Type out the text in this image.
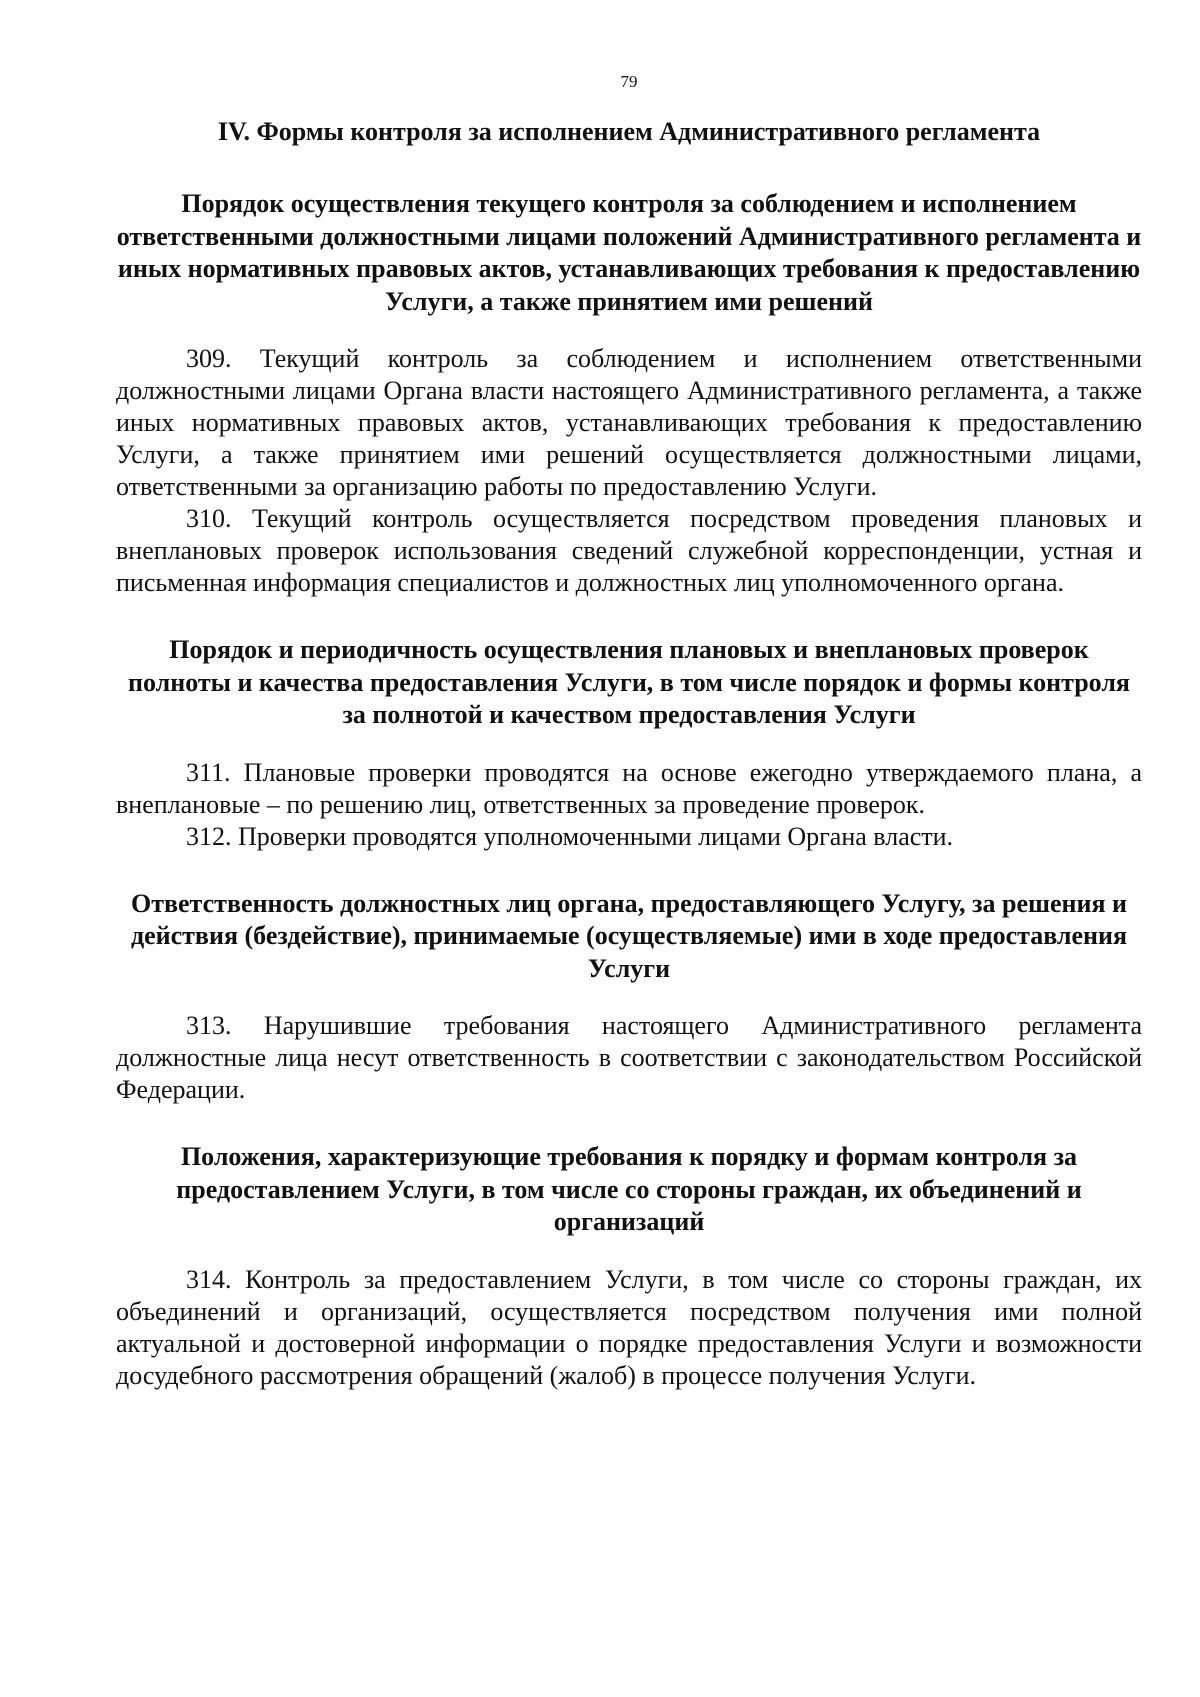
79
IV. Формы контроля за исполнением Административного регламента
Порядок осуществления текущего контроля за соблюдением и исполнением ответственными должностными лицами положений Административного регламента и иных нормативных правовых актов, устанавливающих требования к предоставлению Услуги, а также принятием ими решений

309. Текущий контроль за соблюдением и исполнением ответственными должностными лицами Органа власти настоящего Административного регламента, а также иных нормативных правовых актов, устанавливающих требования к предоставлению Услуги, а также принятием ими решений осуществляется должностными лицами, ответственными за организацию работы по предоставлению Услуги.

310. Текущий контроль осуществляется посредством проведения плановых и внеплановых проверок использования сведений служебной корреспонденции, устная и письменная информация специалистов и должностных лиц уполномоченного органа.

Порядок и периодичность осуществления плановых и внеплановых проверок полноты и качества предоставления Услуги, в том числе порядок и формы контроля за полнотой и качеством предоставления Услуги

311. Плановые проверки проводятся на основе ежегодно утверждаемого плана, а внеплановые – по решению лиц, ответственных за проведение проверок.

312. Проверки проводятся уполномоченными лицами Органа власти.

Ответственность должностных лиц органа, предоставляющего Услугу, за решения и действия (бездействие), принимаемые (осуществляемые) ими в ходе предоставления Услуги

313. Нарушившие требования настоящего Административного регламента должностные лица несут ответственность в соответствии с законодательством Российской Федерации.

Положения, характеризующие требования к порядку и формам контроля за предоставлением Услуги, в том числе со стороны граждан, их объединений и организаций

314. Контроль за предоставлением Услуги, в том числе со стороны граждан, их объединений и организаций, осуществляется посредством получения ими полной актуальной и достоверной информации о порядке предоставления Услуги и возможности досудебного рассмотрения обращений (жалоб) в процессе получения Услуги.
